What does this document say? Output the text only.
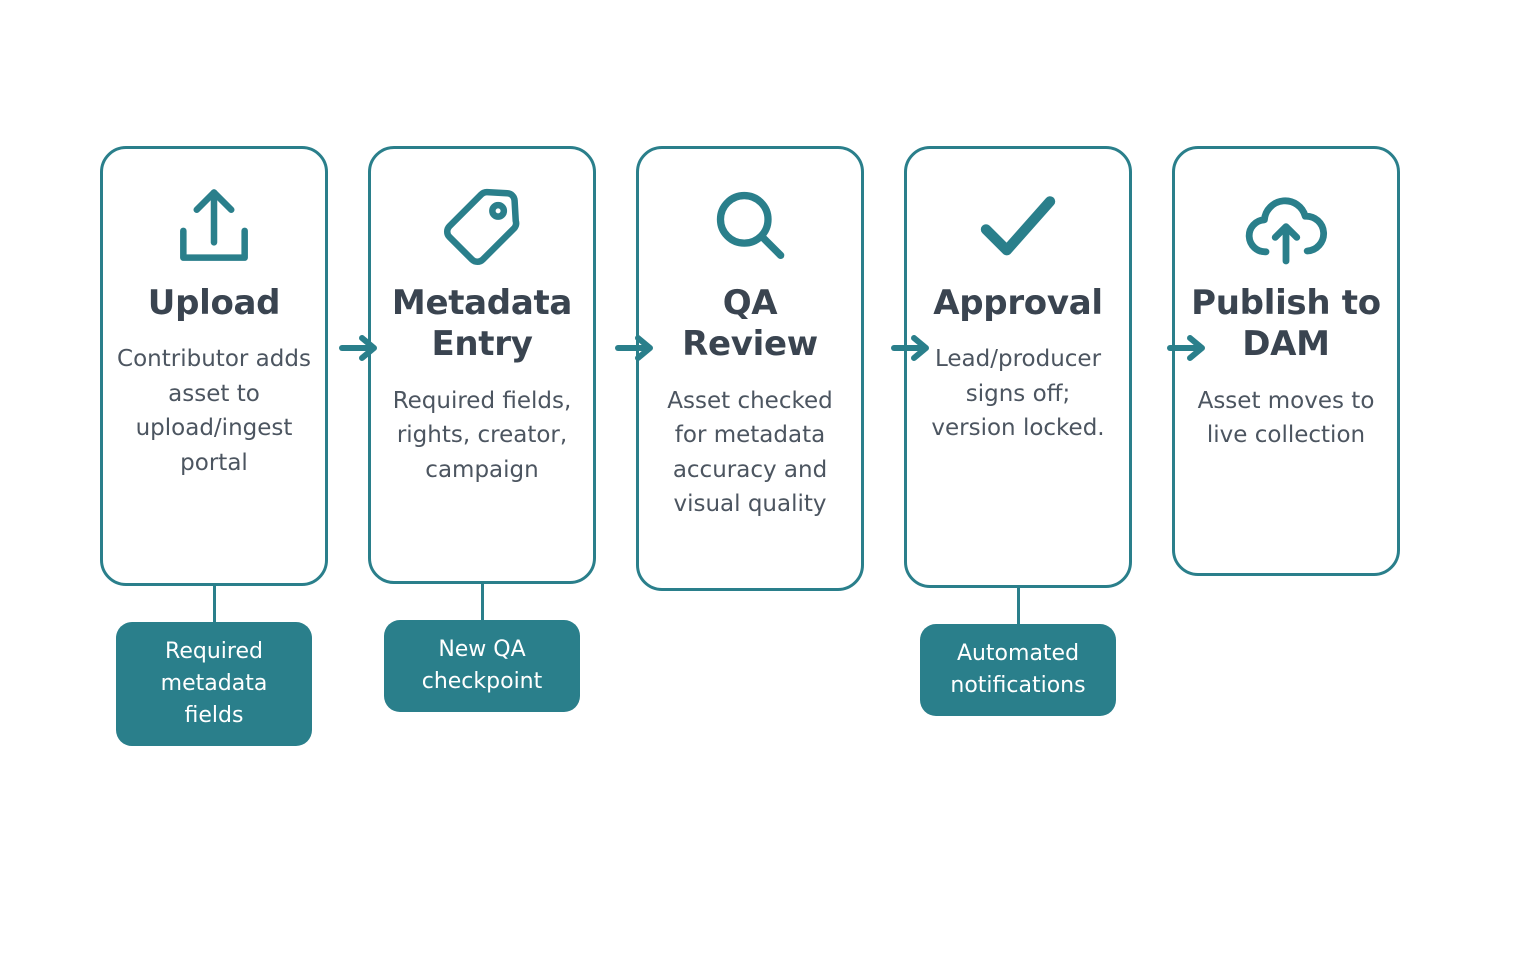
Upload
Contributor adds asset to upload/ingest portal
Required metadata fields
Metadata Entry
Required fields, rights, creator, campaign
New QA checkpoint
QA Review
Asset checked for metadata accuracy and visual quality
Approval
Lead/producer signs off; version locked.
Automated notifications
Publish to DAM
Asset moves to live collection
